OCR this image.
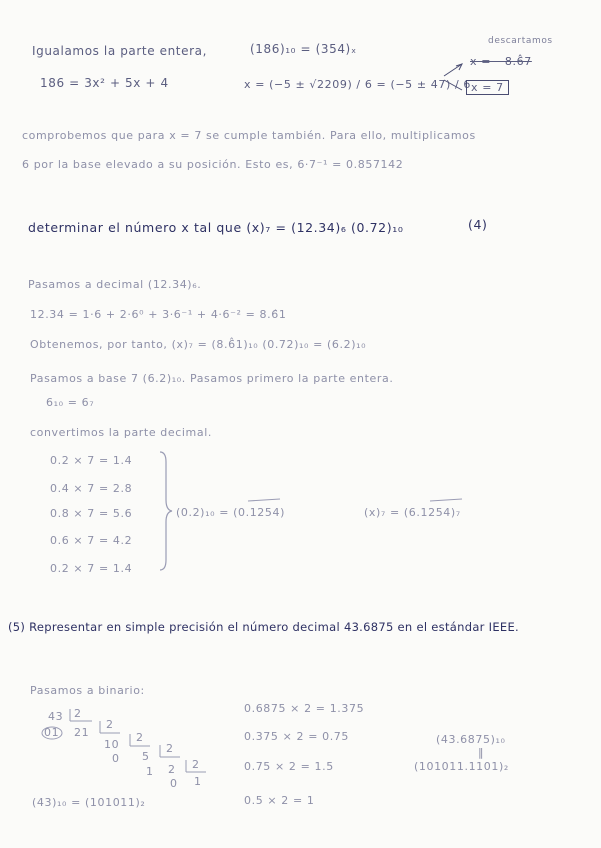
Igualamos la parte entera,	(186)₁₀ = (354)ₓ
descartamos
186 = 3x² + 5x + 4	x = (−5 ± √2209) / 6 = (−5 ± 47) / 6
x = −8.6̂7
x = 7
comprobemos que para x = 7 se cumple también. Para ello, multiplicamos
6 por la base elevado a su posición. Esto es, 6·7⁻¹ = 0.857142
determinar el número x tal que (x)₇ = (12.34)₆ (0.72)₁₀	(4)
Pasamos a decimal (12.34)₆.
12.34 = 1·6 + 2·6⁰ + 3·6⁻¹ + 4·6⁻² = 8.6̂1
Obtenemos, por tanto, (x)₇ = (8.6̂1)₁₀ (0.72)₁₀ = (6.2)₁₀
Pasamos a base 7 (6.2)₁₀. Pasamos primero la parte entera.
6₁₀ = 6₇
convertimos la parte decimal.
0.2 × 7 = 1.4
0.4 × 7 = 2.8
0.8 × 7 = 5.6
0.6 × 7 = 4.2
0.2 × 7 = 1.4
(0.2)₁₀ = (0.1254)	(x)₇ = (6.1254)₇
(5) Representar en simple precisión el número decimal 43.6875 en el estándar IEEE.
Pasamos a binario:
43 2
01 21
2
10
2
0 5
2
1 2 2
0 1
(43)₁₀ = (101011)₂
0.6875 × 2 = 1.375
0.375 × 2 = 0.75
0.75 × 2 = 1.5
0.5 × 2 = 1
(43.6875)₁₀
‖
(101011.1101)₂
